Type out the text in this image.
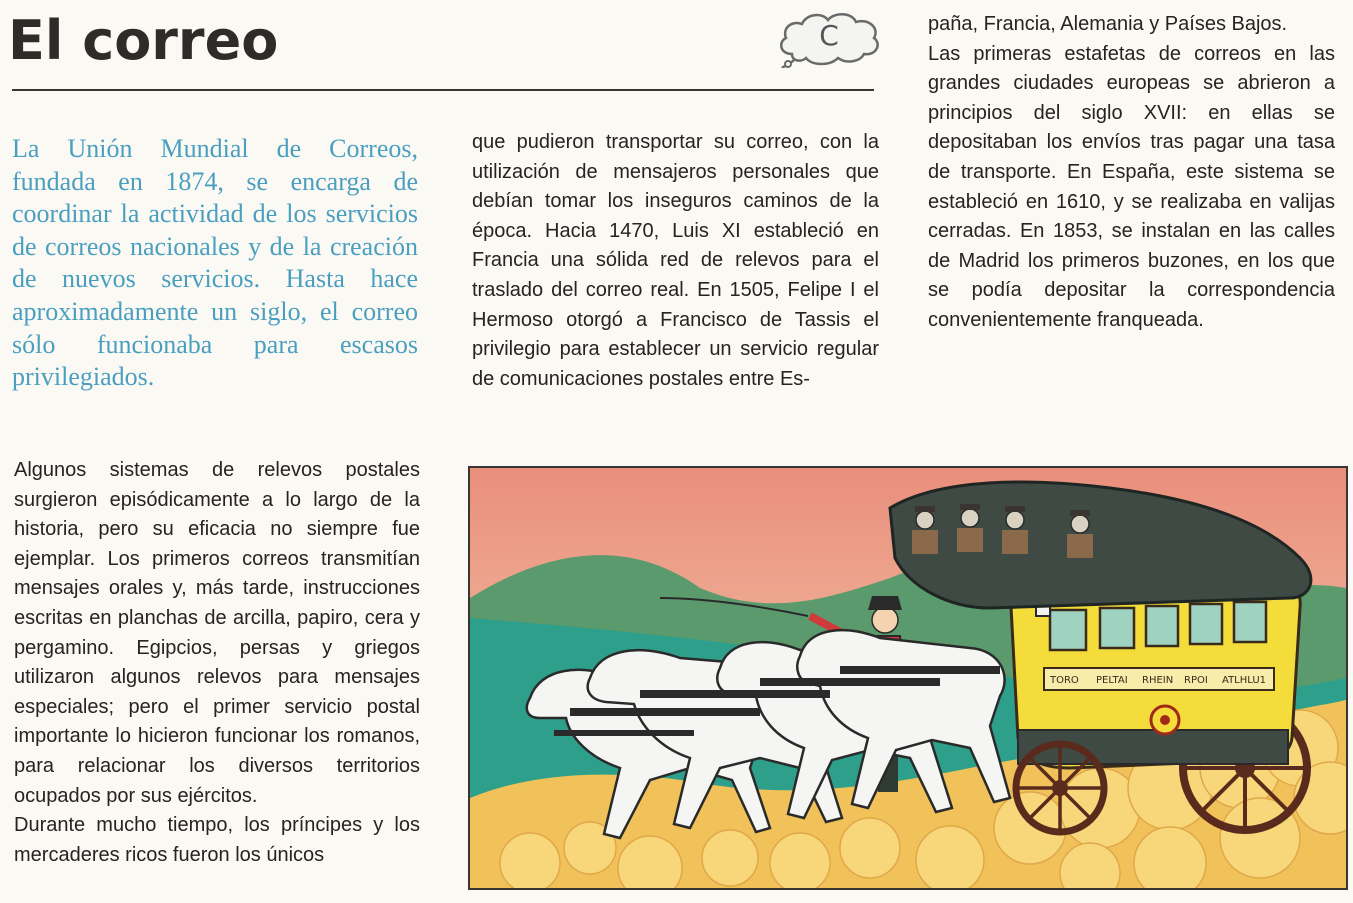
El correo	C

La Unión Mundial de Correos, fundada en 1874, se encarga de coordinar la actividad de los servicios de correos nacionales y de la creación de nuevos servicios. Hasta hace aproximadamente un siglo, el correo sólo funcionaba para escasos privilegiados.

Algunos sistemas de relevos postales surgieron episódicamente a lo largo de la historia, pero su eficacia no siempre fue ejemplar. Los primeros correos transmitían mensajes orales y, más tarde, instrucciones escritas en planchas de arcilla, papiro, cera y pergamino. Egipcios, persas y griegos utilizaron algunos relevos para mensajes especiales; pero el primer servicio postal importante lo hicieron funcionar los romanos, para relacionar los diversos territorios ocupados por sus ejércitos.

Durante mucho tiempo, los príncipes y los mercaderes ricos fueron los únicos

que pudieron transportar su correo, con la utilización de mensajeros personales que debían tomar los inseguros caminos de la época. Hacia 1470, Luis XI estableció en Francia una sólida red de relevos para el traslado del correo real. En 1505, Felipe I el Hermoso otorgó a Francisco de Tassis el privilegio para establecer un servicio regular de comunicaciones postales entre Es-

paña, Francia, Alemania y Países Bajos.

Las primeras estafetas de correos en las grandes ciudades europeas se abrieron a principios del siglo XVII: en ellas se depositaban los envíos tras pagar una tasa de transporte. En España, este sistema se estableció en 1610, y se realizaba en valijas cerradas. En 1853, se instalan en las calles de Madrid los primeros buzones, en los que se podía depositar la correspondencia convenientemente franqueada.

TORO PELTAI RHEIN RPOI ATLHLU1
